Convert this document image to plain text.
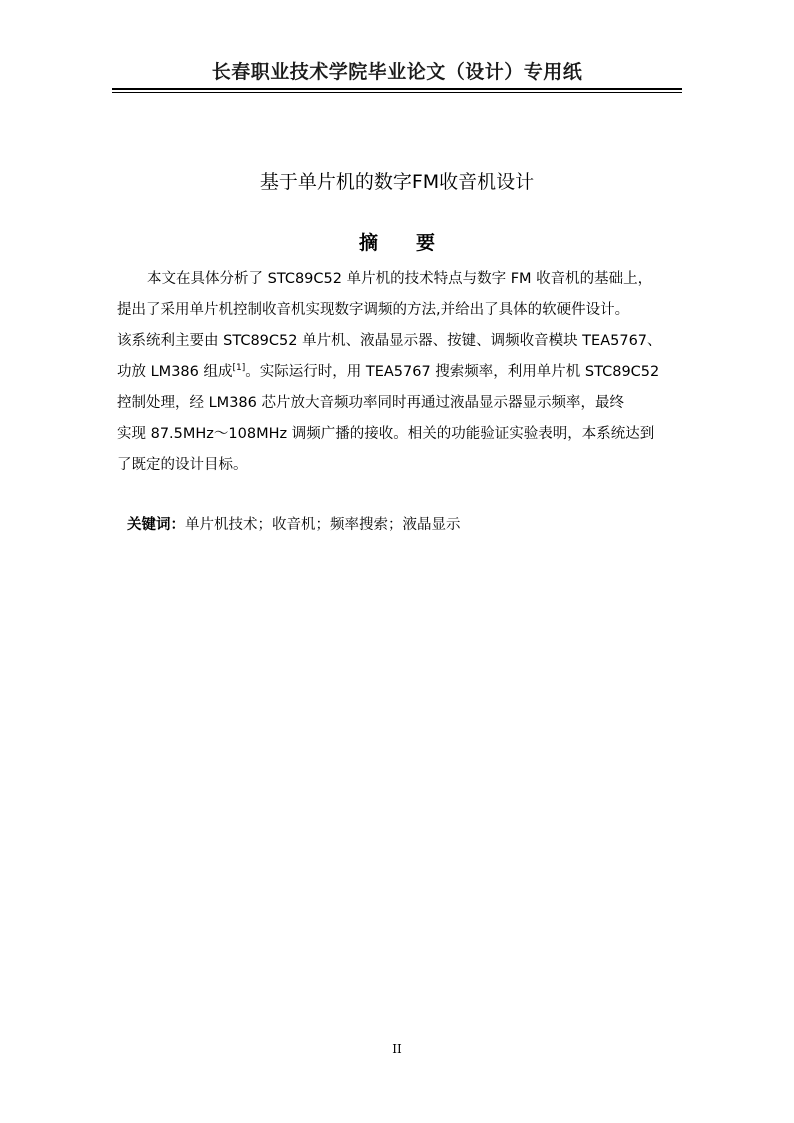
长春职业技术学院毕业论文（设计）专用纸
基于单片机的数字FM收音机设计
摘 要
本文在具体分析了 STC89C52 单片机的技术特点与数字 FM 收音机的基础上，
提出了采用单片机控制收音机实现数字调频的方法,并给出了具体的软硬件设计。
该系统利主要由 STC89C52 单片机、液晶显示器、按键、调频收音模块 TEA5767、
功放 LM386 组成[1]。实际运行时，用 TEA5767 搜索频率，利用单片机 STC89C52
控制处理，经 LM386 芯片放大音频功率同时再通过液晶显示器显示频率，最终
实现 87.5MHz～108MHz 调频广播的接收。相关的功能验证实验表明，本系统达到
了既定的设计目标。
关键词：单片机技术；收音机；频率搜索；液晶显示
II
